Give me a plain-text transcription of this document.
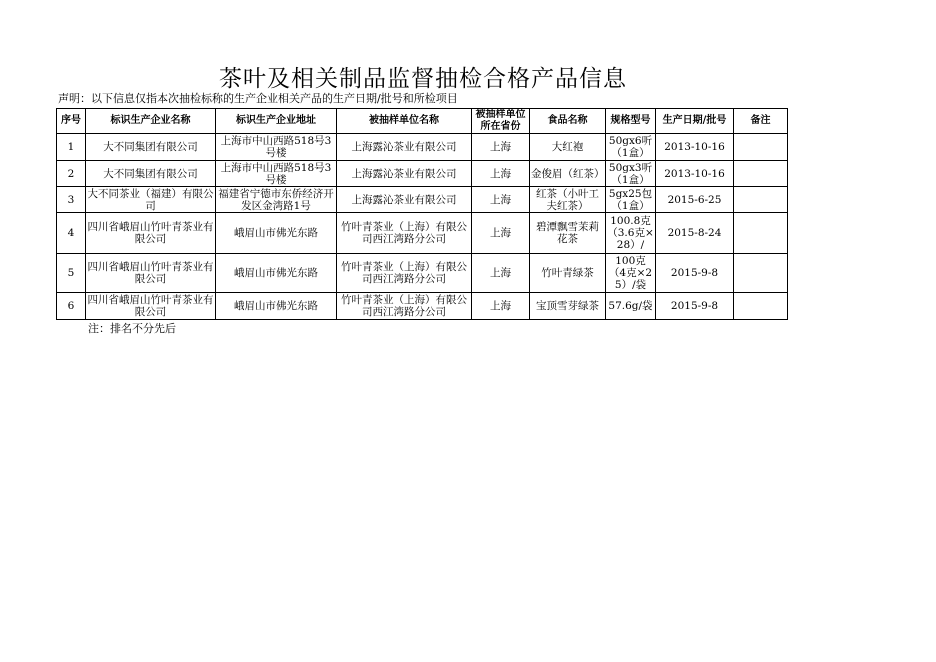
茶叶及相关制品监督抽检合格产品信息
声明：以下信息仅指本次抽检标称的生产企业相关产品的生产日期/批号和所检项目
序号	标识生产企业名称	标识生产企业地址	被抽样单位名称	被抽样单位所在省份	食品名称	规格型号	生产日期/批号	备注
1	大不同集团有限公司	上海市中山西路518号3号楼	上海露沁茶业有限公司	上海	大红袍	50gx6听（1盒）	2013-10-16	
2	大不同集团有限公司	上海市中山西路518号3号楼	上海露沁茶业有限公司	上海	金俊眉（红茶）	50gx3听（1盒）	2013-10-16	
3	大不同茶业（福建）有限公司	福建省宁德市东侨经济开发区金湾路1号	上海露沁茶业有限公司	上海	红茶（小叶工夫红茶）	5gx25包（1盒）	2015-6-25	
4	四川省峨眉山竹叶青茶业有限公司	峨眉山市佛光东路	竹叶青茶业（上海）有限公司西江湾路分公司	上海	碧潭飘雪茉莉花茶	100.8克（3.6克×28）/	2015-8-24	
5	四川省峨眉山竹叶青茶业有限公司	峨眉山市佛光东路	竹叶青茶业（上海）有限公司西江湾路分公司	上海	竹叶青绿茶	100克（4克×25）/袋	2015-9-8	
6	四川省峨眉山竹叶青茶业有限公司	峨眉山市佛光东路	竹叶青茶业（上海）有限公司西江湾路分公司	上海	宝顶雪芽绿茶	57.6g/袋	2015-9-8	
注：排名不分先后
